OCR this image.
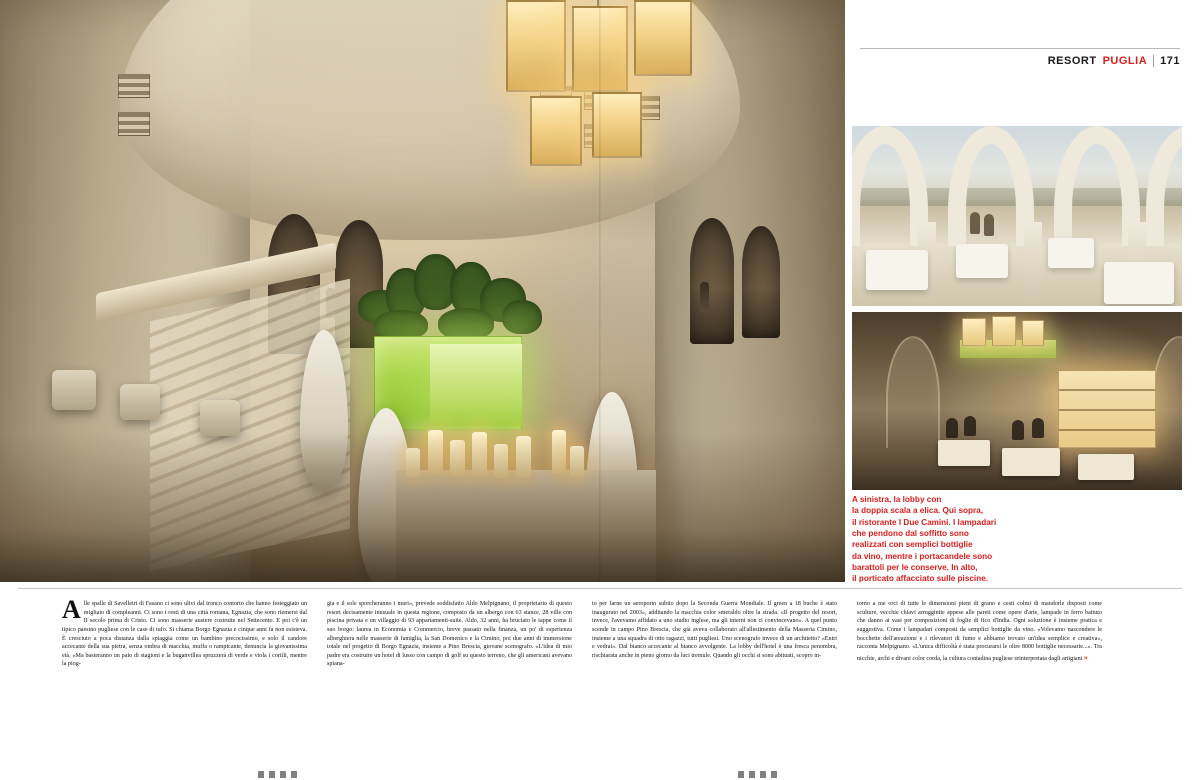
RESORT PUGLIA 171
A sinistra, la lobby con
la doppia scala a elica. Qui sopra,
il ristorante I Due Camini. I lampadari
che pendono dal soffitto sono
realizzati con semplici bottiglie
da vino, mentre i portacandele sono
barattoli per le conserve. In alto,
il porticato affacciato sulle piscine.

Alle spalle di Savelletri di Fasano ci sono ulivi dal tronco contorto che hanno festeggiato un migliaio di compleanni. Ci sono i resti di una città romana, Egnazia, che sono riemersi dal II secolo prima di Cristo. Ci sono masserie austere costruite nel Settecento. E poi c'è un tipico paesino pugliese con le case di tufo. Si chiama Borgo Egnazia e cinque anni fa non esisteva. È cresciuto a poca distanza dalla spiaggia come un bambino precocissimo, e solo il candore accecante della sua pietra, senza ombra di macchia, muffa o rampicante, denuncia la giovanissima età. «Ma basteranno un paio di stagioni e la buganvillea spruzzerà di verde e viola i cortili, mentre la piog-

gia e il sole sporcheranno i muri», prevede soddisfatto Aldo Melpignano, il proprietario di questo resort decisamente inusuale in questa regione, composto da un albergo con 63 stanze, 28 ville con piscina privata e un villaggio di 93 appartamenti-suite. Aldo, 32 anni, ha bruciato le tappe come il suo borgo: laurea in Economia e Commercio, breve passato nella finanza, un po' di esperienza alberghiera nelle masserie di famiglia, la San Domenico e la Cimino, poi due anni di immersione totale nel progetto di Borgo Egnazia, insieme a Pino Brescia, giovane scenografo. «L'idea di mio padre era costruire un hotel di lusso con campo di golf su questo terreno, che gli americani avevano spiana-

to per farne un aeroporto subito dopo la Seconda Guerra Mondiale. Il green a 18 buche è stato inaugurato nel 2003», additando la macchia color smeraldo oltre la strada. «Il progetto del resort, invece, l'avevamo affidato a uno studio inglese, ma gli interni non ci convincevano». A quel punto scende in campo Pino Brescia, che già aveva collaborato all'allestimento della Masseria Cimino, insieme a una squadra di otto ragazzi, tutti pugliesi. Uno scenografo invece di un architetto? «Entri e vedrai». Dal bianco accecante al bianco avvolgente. La lobby dell'hotel è una fresca penombra, rischiarata anche in pieno giorno da luci tremule. Quando gli occhi si sono abituati, scopro in-

torno a me orci di tutte le dimensioni pieni di grano e cesti colmi di mandorle disposti come sculture, vecchie chiavi arrugginite appese alle pareti come opere d'arte, lampade in ferro battuto che danno ai vasi per composizioni di foglie di fico d'India. Ogni soluzione è insieme pratica e suggestiva. Come i lampadari composti da semplici bottiglie da vino. «Volevamo nascondere le bocchette dell'areazione e i rilevatori di fumo e abbiamo trovato un'idea semplice e creativa», racconta Melpignano. «L'unica difficoltà è stata procurarsi le oltre 8000 bottiglie necessarie...». Tra nicchie, archi e divani color corda, la cultura contadina pugliese reinterpretata dagli artigiani »
